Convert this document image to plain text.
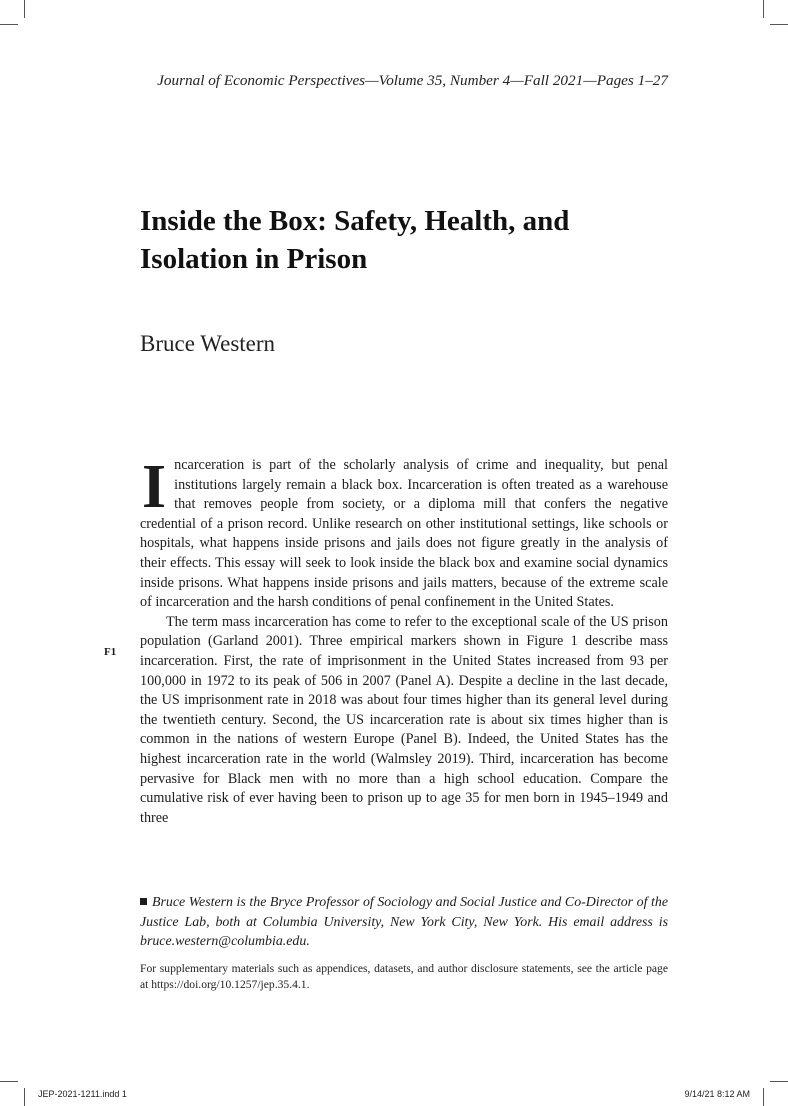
Journal of Economic Perspectives—Volume 35, Number 4—Fall 2021—Pages 1–27
Inside the Box: Safety, Health, and
Isolation in Prison
Bruce Western

Incarceration is part of the scholarly analysis of crime and inequality, but penal institutions largely remain a black box. Incarceration is often treated as a warehouse that removes people from society, or a diploma mill that confers the negative credential of a prison record. Unlike research on other institutional settings, like schools or hospitals, what happens inside prisons and jails does not figure greatly in the analysis of their effects. This essay will seek to look inside the black box and examine social dynamics inside prisons. What happens inside prisons and jails matters, because of the extreme scale of incarceration and the harsh conditions of penal confinement in the United States.

The term mass incarceration has come to refer to the exceptional scale of the US prison population (Garland 2001). Three empirical markers shown in Figure 1 describe mass incarceration. First, the rate of imprisonment in the United States increased from 93 per 100,000 in 1972 to its peak of 506 in 2007 (Panel A). Despite a decline in the last decade, the US imprisonment rate in 2018 was about four times higher than its general level during the twentieth century. Second, the US incarceration rate is about six times higher than is common in the nations of western Europe (Panel B). Indeed, the United States has the highest incarceration rate in the world (Walmsley 2019). Third, incarceration has become pervasive for Black men with no more than a high school education. Compare the cumulative risk of ever having been to prison up to age 35 for men born in 1945–1949 and three

F1

Bruce Western is the Bryce Professor of Sociology and Social Justice and Co-Director of the Justice Lab, both at Columbia University, New York City, New York. His email address is bruce.western@columbia.edu.

For supplementary materials such as appendices, datasets, and author disclosure statements, see the article page at https://doi.org/10.1257/jep.35.4.1.

JEP-2021-1211.indd 1	9/14/21 8:12 AM
